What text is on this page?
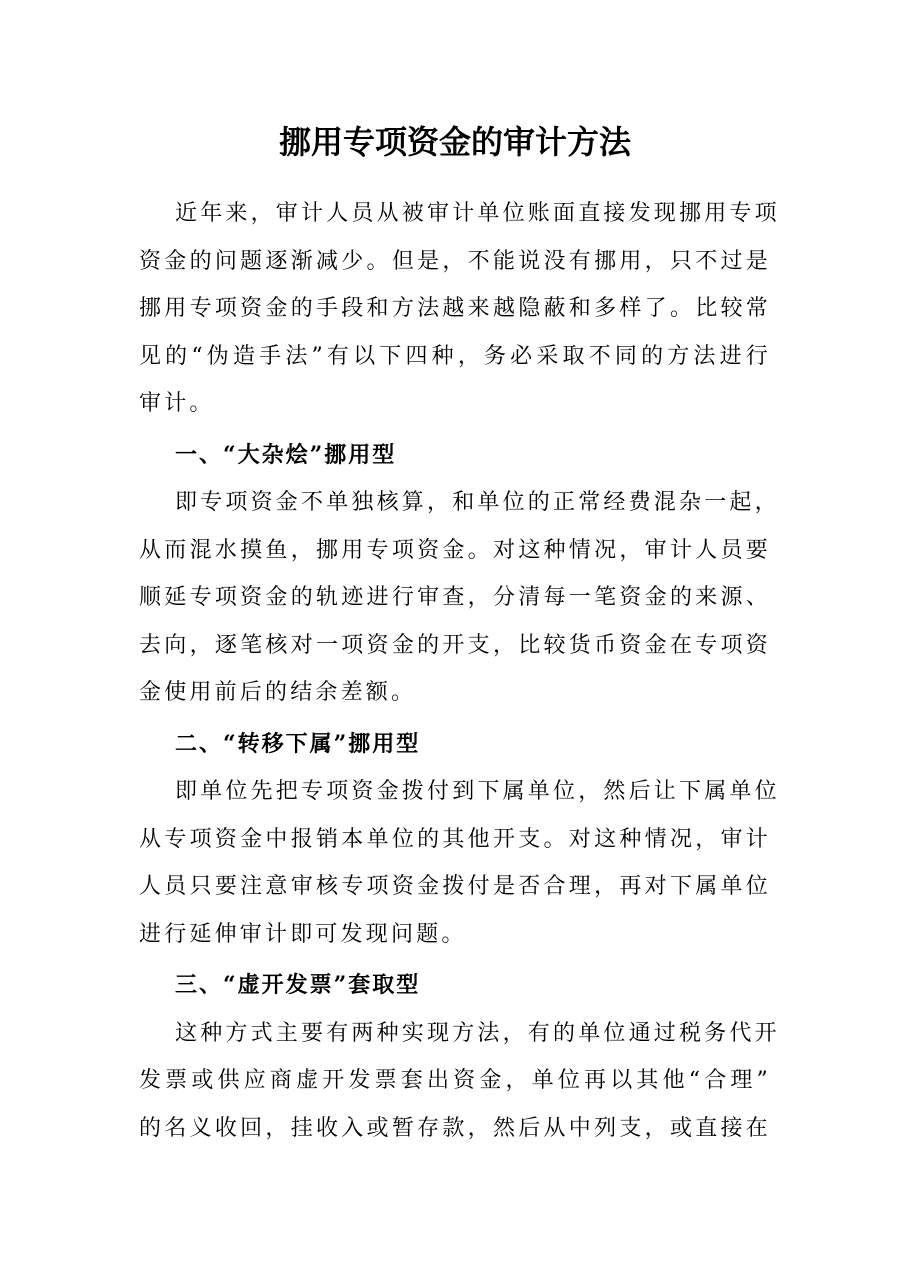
挪用专项资金的审计方法
近年来，审计人员从被审计单位账面直接发现挪用专项
资金的问题逐渐减少。但是，不能说没有挪用，只不过是
挪用专项资金的手段和方法越来越隐蔽和多样了。比较常
见的“伪造手法”有以下四种，务必采取不同的方法进行
审计。
一、“大杂烩”挪用型
即专项资金不单独核算，和单位的正常经费混杂一起，
从而混水摸鱼，挪用专项资金。对这种情况，审计人员要
顺延专项资金的轨迹进行审查，分清每一笔资金的来源、
去向，逐笔核对一项资金的开支，比较货币资金在专项资
金使用前后的结余差额。
二、“转移下属”挪用型
即单位先把专项资金拨付到下属单位，然后让下属单位
从专项资金中报销本单位的其他开支。对这种情况，审计
人员只要注意审核专项资金拨付是否合理，再对下属单位
进行延伸审计即可发现问题。
三、“虚开发票”套取型
这种方式主要有两种实现方法，有的单位通过税务代开
发票或供应商虚开发票套出资金，单位再以其他“合理”
的名义收回，挂收入或暂存款，然后从中列支，或直接在
